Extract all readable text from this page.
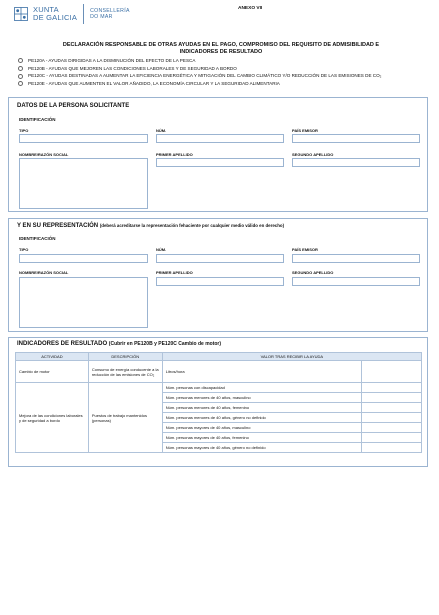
XUNTA
DE GALICIA
CONSELLERÍA
DO MAR
ANEXO VII
DECLARACIÓN RESPONSABLE DE OTRAS AYUDAS EN EL PAGO, COMPROMISO DEL REQUISITO DE ADMISIBILIDAD E
INDICADORES DE RESULTADO
PE120A - AYUDAS DIRIGIDAS A LA DISMINUCIÓN DEL EFECTO DE LA PESCA
PE120B - AYUDAS QUE MEJOREN LAS CONDICIONES LABORALES Y DE SEGURIDAD A BORDO
PE120C - AYUDAS DESTINADAS A AUMENTAR LA EFICIENCIA ENERGÉTICA Y MITIGACIÓN DEL CAMBIO CLIMÁTICO Y/O REDUCCIÓN DE LAS EMISIONES DE CO₂
PE120E - AYUDAS QUE AUMENTEN EL VALOR AÑADIDO, LA ECONOMÍA CIRCULAR Y LA SEGURIDAD ALIMENTARIA
DATOS DE LA PERSONA SOLICITANTE
IDENTIFICACIÓN
TIPO	NÚM.	PAÍS EMISOR
NOMBRE/RAZÓN SOCIAL	PRIMER APELLIDO	SEGUNDO APELLIDO
Y EN SU REPRESENTACIÓN (deberá acreditarse la representación fehaciente por cualquier medio válido en derecho)
IDENTIFICACIÓN
TIPO	NÚM.	PAÍS EMISOR
NOMBRE/RAZÓN SOCIAL	PRIMER APELLIDO	SEGUNDO APELLIDO
INDICADORES DE RESULTADO (Cubrir en PE120B y PE120C Cambio de motor)
ACTIVIDAD	DESCRIPCIÓN	VALOR TRAS RECIBIR LA AYUDA	
Cambio de motor	Consumo de energía conducente a la reducción de las emisiones de CO₂	Litros/hora	
Mejora de las condiciones laborales y de seguridad a bordo	Puestos de trabajo mantenidos (personas)	Núm. personas con discapacidad	
		Núm. personas menores de 40 años, masculino	
		Núm. personas menores de 40 años, femenino	
		Núm. personas menores de 40 años, género no definido	
		Núm. personas mayores de 40 años, masculino	
		Núm. personas mayores de 40 años, femenino	
		Núm. personas mayores de 40 años, género no definido	
